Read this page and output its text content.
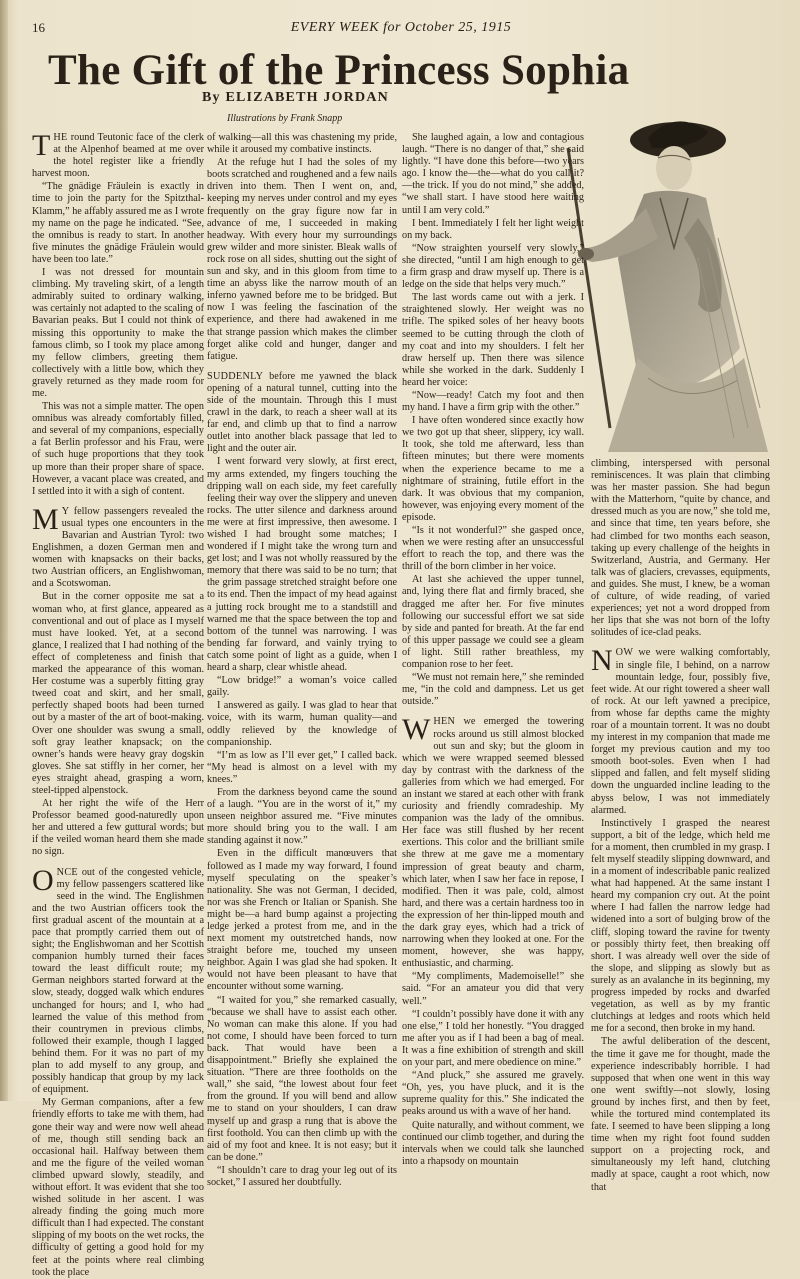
16	EVERY WEEK for October 25, 1915
The Gift of the Princess Sophia
By ELIZABETH JORDAN
Illustrations by Frank Snapp

THE round Teutonic face of the clerk at the Alpenhof beamed at me over the hotel register like a friendly harvest moon.

“The gnädige Fräulein is exactly in time to join the party for the Spitzthal-Klamm,” he affably assured me as I wrote my name on the page he indicated. “See, the omnibus is ready to start. In another five minutes the gnädige Fräulein would have been too late.”

I was not dressed for mountain climbing. My traveling skirt, of a length admirably suited to ordinary walking, was certainly not adapted to the scaling of Bavarian peaks. But I could not think of missing this opportunity to make the famous climb, so I took my place among my fellow climbers, greeting them collectively with a little bow, which they gravely returned as they made room for me.

This was not a simple matter. The open omnibus was already comfortably filled, and several of my companions, especially a fat Berlin professor and his Frau, were of such huge proportions that they took up more than their proper share of space. However, a vacant place was created, and I settled into it with a sigh of content.

M Y fellow passengers revealed the usual types one encounters in the Bavarian and Austrian Tyrol: two Englishmen, a dozen German men and women with knapsacks on their backs, two Austrian officers, an Englishwoman, and a Scotswoman.

But in the corner opposite me sat a woman who, at first glance, appeared as conventional and out of place as I myself must have looked. Yet, at a second glance, I realized that I had nothing of the effect of completeness and finish that marked the appearance of this woman. Her costume was a superbly fitting gray tweed coat and skirt, and her small, perfectly shaped boots had been turned out by a master of the art of boot-making. Over one shoulder was swung a small, soft gray leather knapsack; on the owner’s hands were heavy gray dogskin gloves. She sat stiffly in her corner, her eyes straight ahead, grasping a worn, steel-tipped alpenstock.

At her right the wife of the Herr Professor beamed good-naturedly upon her and uttered a few guttural words; but if the veiled woman heard them she made no sign.

ONCE out of the congested vehicle, my fellow passengers scattered like seed in the wind. The Englishmen and the two Austrian officers took the first gradual ascent of the mountain at a pace that promptly carried them out of sight; the Englishwoman and her Scottish companion humbly turned their faces toward the least difficult route; my German neighbors started forward at the slow, steady, dogged walk which endures unchanged for hours; and I, who had learned the value of this method from their countrymen in previous climbs, followed their example, though I lagged behind them. For it was no part of my plan to add myself to any group, and possibly handicap that group by my lack of equipment.

My German companions, after a few friendly efforts to take me with them, had gone their way and were now well ahead of me, though still sending back an occasional hail. Halfway between them and me the figure of the veiled woman climbed upward slowly, steadily, and without effort. It was evident that she too wished solitude in her ascent. I was already finding the going much more difficult than I had expected. The constant slipping of my boots on the wet rocks, the difficulty of getting a good hold for my feet at the points where real climbing took the place

of walking—all this was chastening my pride, while it aroused my combative instincts.

At the refuge hut I had the soles of my boots scratched and roughened and a few nails driven into them. Then I went on, and, keeping my nerves under control and my eyes frequently on the gray figure now far in advance of me, I succeeded in making headway. With every hour my surroundings grew wilder and more sinister. Bleak walls of rock rose on all sides, shutting out the sight of sun and sky, and in this gloom from time to time an abyss like the narrow mouth of an inferno yawned before me to be bridged. But now I was feeling the fascination of the experience, and there had awakened in me that strange passion which makes the climber forget alike cold and hunger, danger and fatigue.

SUDDENLY before me yawned the black opening of a natural tunnel, cutting into the side of the mountain. Through this I must crawl in the dark, to reach a sheer wall at its far end, and climb up that to find a narrow outlet into another black passage that led to light and the outer air.

I went forward very slowly, at first erect, my arms extended, my fingers touching the dripping wall on each side, my feet carefully feeling their way over the slippery and uneven rocks. The utter silence and darkness around me were at first impressive, then awesome. I wished I had brought some matches; I wondered if I might take the wrong turn and get lost; and I was not wholly reassured by the memory that there was said to be no turn; that the grim passage stretched straight before one to its end. Then the impact of my head against a jutting rock brought me to a standstill and warned me that the space between the top and bottom of the tunnel was narrowing. I was bending far forward, and vainly trying to catch some point of light as a guide, when I heard a sharp, clear whistle ahead.

“Low bridge!” a woman’s voice called gaily.

I answered as gaily. I was glad to hear that voice, with its warm, human quality—and oddly relieved by the knowledge of companionship.

“I’m as low as I’ll ever get,” I called back. “My head is almost on a level with my knees.”

From the darkness beyond came the sound of a laugh. “You are in the worst of it,” my unseen neighbor assured me. “Five minutes more should bring you to the wall. I am standing against it now.”

Even in the difficult manœuvers that followed as I made my way forward, I found myself speculating on the speaker’s nationality. She was not German, I decided, nor was she French or Italian or Spanish. She might be—a hard bump against a projecting ledge jerked a protest from me, and in the next moment my outstretched hands, now straight before me, touched my unseen neighbor. Again I was glad she had spoken. It would not have been pleasant to have that encounter without some warning.

“I waited for you,” she remarked casually, “because we shall have to assist each other. No woman can make this alone. If you had not come, I should have been forced to turn back. That would have been a disappointment.” Briefly she explained the situation. “There are three footholds on the wall,” she said, “the lowest about four feet from the ground. If you will bend and allow me to stand on your shoulders, I can draw myself up and grasp a rung that is above the first foothold. You can then climb up with the aid of my foot and knee. It is not easy; but it can be done.”

“I shouldn’t care to drag your leg out of its socket,” I assured her doubtfully.

She laughed again, a low and contagious laugh. “There is no danger of that,” she said lightly. “I have done this before—two years ago. I know the—the—what do you call it?—the trick. If you do not mind,” she added, “we shall start. I have stood here waiting until I am very cold.”

I bent. Immediately I felt her light weight on my back.

“Now straighten yourself very slowly,” she directed, “until I am high enough to get a firm grasp and draw myself up. There is a ledge on the side that helps very much.”

The last words came out with a jerk. I straightened slowly. Her weight was no trifle. The spiked soles of her heavy boots seemed to be cutting through the cloth of my coat and into my shoulders. I felt her draw herself up. Then there was silence while she worked in the dark. Suddenly I heard her voice:

“Now—ready! Catch my foot and then my hand. I have a firm grip with the other.”

I have often wondered since exactly how we two got up that sheer, slippery, icy wall. It took, she told me afterward, less than fifteen minutes; but there were moments when the experience became to me a nightmare of straining, futile effort in the dark. It was obvious that my companion, however, was enjoying every moment of the episode.

“Is it not wonderful?” she gasped once, when we were resting after an unsuccessful effort to reach the top, and there was the thrill of the born climber in her voice.

At last she achieved the upper tunnel, and, lying there flat and firmly braced, she dragged me after her. For five minutes following our successful effort we sat side by side and panted for breath. At the far end of this upper passage we could see a gleam of light. Still rather breathless, my companion rose to her feet.

“We must not remain here,” she reminded me, “in the cold and dampness. Let us get outside.”

WHEN we emerged the towering rocks around us still almost blocked out sun and sky; but the gloom in which we were wrapped seemed blessed day by contrast with the darkness of the galleries from which we had emerged. For an instant we stared at each other with frank curiosity and friendly comradeship. My companion was the lady of the omnibus. Her face was still flushed by her recent exertions. This color and the brilliant smile she threw at me gave me a momentary impression of great beauty and charm, which later, when I saw her face in repose, I modified. Then it was pale, cold, almost hard, and there was a certain hardness too in the expression of her thin-lipped mouth and the dark gray eyes, which had a trick of narrowing when they looked at one. For the moment, however, she was happy, enthusiastic, and charming.

“My compliments, Mademoiselle!” she said. “For an amateur you did that very well.”

“I couldn’t possibly have done it with any one else,” I told her honestly. “You dragged me after you as if I had been a bag of meal. It was a fine exhibition of strength and skill on your part, and mere obedience on mine.”

“And pluck,” she assured me gravely. “Oh, yes, you have pluck, and it is the supreme quality for this.” She indicated the peaks around us with a wave of her hand.

Quite naturally, and without comment, we continued our climb together, and during the intervals when we could talk she launched into a rhapsody on mountain

climbing, interspersed with personal reminiscences. It was plain that climbing was her master passion. She had begun with the Matterhorn, “quite by chance, and dressed much as you are now,” she told me, and since that time, ten years before, she had climbed for two months each season, taking up every challenge of the heights in Switzerland, Austria, and Germany. Her talk was of glaciers, crevasses, equipments, and guides. She must, I knew, be a woman of culture, of wide reading, of varied experiences; yet not a word dropped from her lips that she was not born of the lofty solitudes of ice-clad peaks.

NOW we were walking comfortably, in single file, I behind, on a narrow mountain ledge, four, possibly five, feet wide. At our right towered a sheer wall of rock. At our left yawned a precipice, from whose far depths came the mighty roar of a mountain torrent. It was no doubt my interest in my companion that made me forget my previous caution and my too smooth boot-soles. Even when I had slipped and fallen, and felt myself sliding down the unguarded incline leading to the abyss below, I was not immediately alarmed.

Instinctively I grasped the nearest support, a bit of the ledge, which held me for a moment, then crumbled in my grasp. I felt myself steadily slipping downward, and in a moment of indescribable panic realized what had happened. At the same instant I heard my companion cry out. At the point where I had fallen the narrow ledge had widened into a sort of bulging brow of the cliff, sloping toward the ravine for twenty or possibly thirty feet, then breaking off short. I was already well over the side of the slope, and slipping as slowly but as surely as an avalanche in its beginning, my progress impeded by rocks and dwarfed vegetation, as well as by my frantic clutchings at ledges and roots which held me for a second, then broke in my hand.

The awful deliberation of the descent, the time it gave me for thought, made the experience indescribably horrible. I had supposed that when one went in this way one went swiftly—not slowly, losing ground by inches first, and then by feet, while the tortured mind contemplated its fate. I seemed to have been slipping a long time when my right foot found sudden support on a projecting rock, and simultaneously my left hand, clutching madly at space, caught a root which, now that
